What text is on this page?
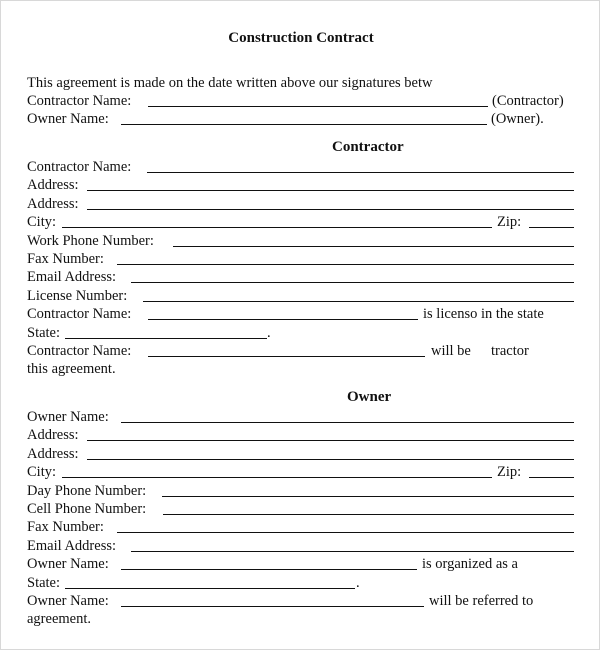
Construction Contract
This agreement is made on the date written above our signatures betw
Contractor Name:	(Contractor)
Owner Name:	(Owner).
Contractor
Contractor Name:
Address:
Address:
City:	Zip:
Work Phone Number:
Fax Number:
Email Address:
License Number:
Contractor Name:	is licenso in the state
State:	.
Contractor Name:	will be tractor
this agreement.
Owner
Owner Name:
Address:
Address:
City:	Zip:
Day Phone Number:
Cell Phone Number:
Fax Number:
Email Address:
Owner Name:	is organized as a
State:	.
Owner Name:	will be referred to
agreement.
